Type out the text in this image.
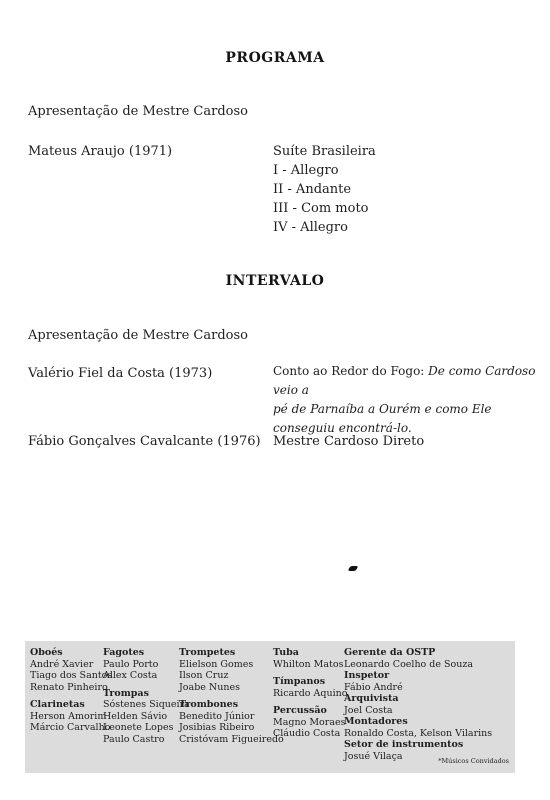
PROGRAMA
Apresentação de Mestre Cardoso
Mateus Araujo (1971)	Suíte Brasileira
I - Allegro
II - Andante
III - Com moto
IV - Allegro
INTERVALO
Apresentação de Mestre Cardoso
Valério Fiel da Costa (1973)	Conto ao Redor do Fogo: De como Cardoso veio a
pé de Parnaíba a Ourém e como Ele conseguiu encontrá-lo.
Fábio Gonçalves Cavalcante (1976) Mestre Cardoso Direto
Oboés
André Xavier
Tiago dos Santos
Renato Pinheiro
Clarinetas
Herson Amorim
Márcio Carvalho
Fagotes
Paulo Porto
Allex Costa
Trompas
Sóstenes Siqueira
Helden Sávio
Leonete Lopes
Paulo Castro
Trompetes
Elielson Gomes
Ilson Cruz
Joabe Nunes
Trombones
Benedito Júnior
Josibias Ribeiro
Cristóvam Figueiredo
Tuba
Whilton Matos
Tímpanos
Ricardo Aquino
Percussão
Magno Moraes
Cláudio Costa
Gerente da OSTP
Leonardo Coelho de Souza
Inspetor
Fábio André
Arquivista
Joel Costa
Montadores
Ronaldo Costa, Kelson Vilarins
Setor de instrumentos
Josué Vilaça	*Músicos Convidados
